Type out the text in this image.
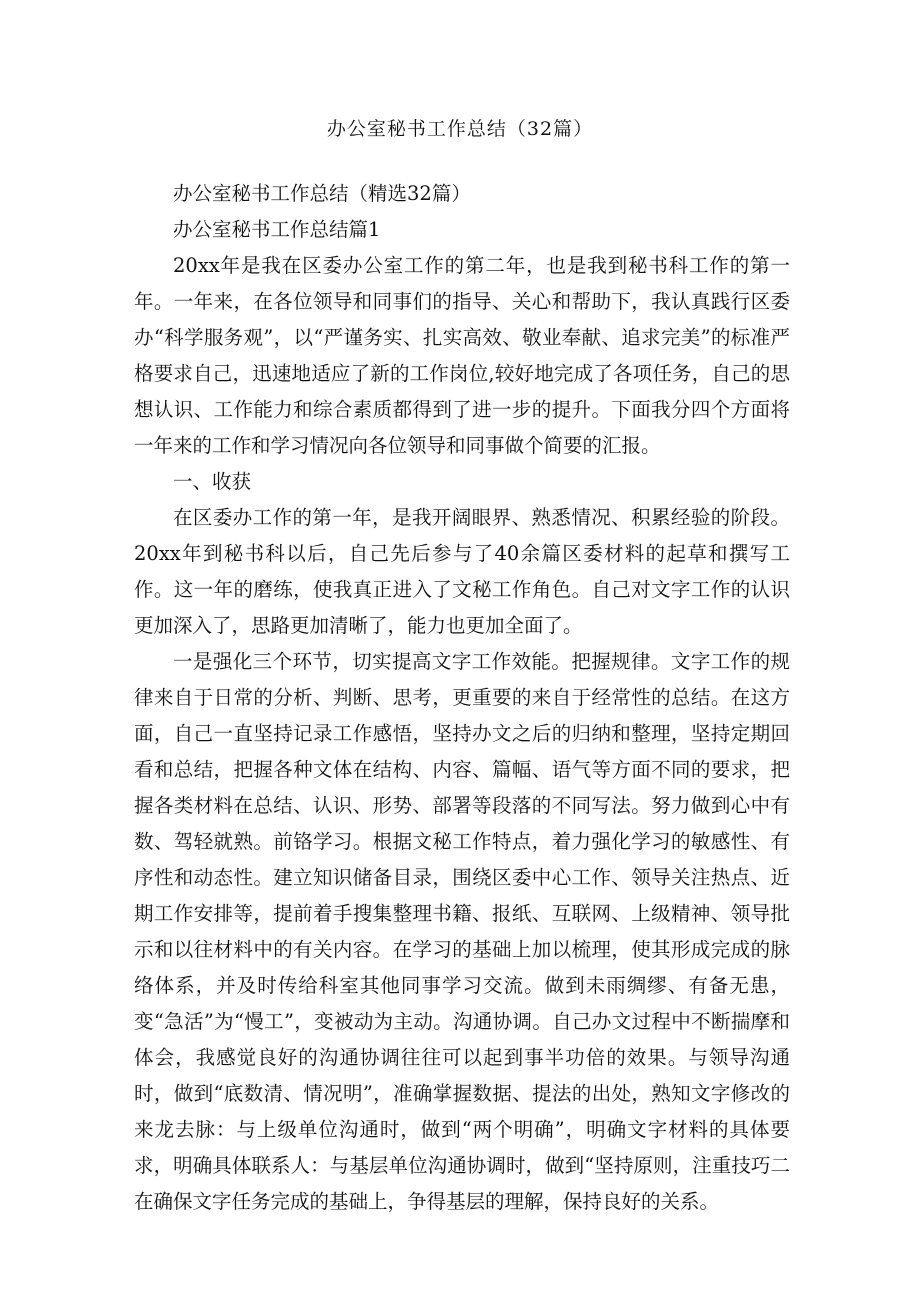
办公室秘书工作总结（32篇）

办公室秘书工作总结（精选32篇）

办公室秘书工作总结篇1

20xx年是我在区委办公室工作的第二年，也是我到秘书科工作的第一年。一年来，在各位领导和同事们的指导、关心和帮助下，我认真践行区委办“科学服务观”，以“严谨务实、扎实高效、敬业奉献、追求完美”的标准严格要求自己，迅速地适应了新的工作岗位,较好地完成了各项任务，自己的思想认识、工作能力和综合素质都得到了进一步的提升。下面我分四个方面将一年来的工作和学习情况向各位领导和同事做个简要的汇报。

一、收获

在区委办工作的第一年，是我开阔眼界、熟悉情况、积累经验的阶段。20xx年到秘书科以后，自己先后参与了40余篇区委材料的起草和撰写工作。这一年的磨练，使我真正进入了文秘工作角色。自己对文字工作的认识更加深入了，思路更加清晰了，能力也更加全面了。

一是强化三个环节，切实提高文字工作效能。把握规律。文字工作的规律来自于日常的分析、判断、思考，更重要的来自于经常性的总结。在这方面，自己一直坚持记录工作感悟，坚持办文之后的归纳和整理，坚持定期回看和总结，把握各种文体在结构、内容、篇幅、语气等方面不同的要求，把握各类材料在总结、认识、形势、部署等段落的不同写法。努力做到心中有数、驾轻就熟。前铬学习。根据文秘工作特点，着力强化学习的敏感性、有序性和动态性。建立知识储备目录，围绕区委中心工作、领导关注热点、近期工作安排等，提前着手搜集整理书籍、报纸、互联网、上级精神、领导批示和以往材料中的有关内容。在学习的基础上加以梳理，使其形成完成的脉络体系，并及时传给科室其他同事学习交流。做到未雨绸缪、有备无患，变“急活”为“慢工”，变被动为主动。沟通协调。自己办文过程中不断揣摩和体会，我感觉良好的沟通协调往往可以起到事半功倍的效果。与领导沟通时，做到“底数清、情况明”，准确掌握数据、提法的出处，熟知文字修改的来龙去脉：与上级单位沟通时，做到“两个明确”，明确文字材料的具体要求，明确具体联系人：与基层单位沟通协调时，做到“坚持原则，注重技巧二在确保文字任务完成的基础上，争得基层的理解，保持良好的关系。
